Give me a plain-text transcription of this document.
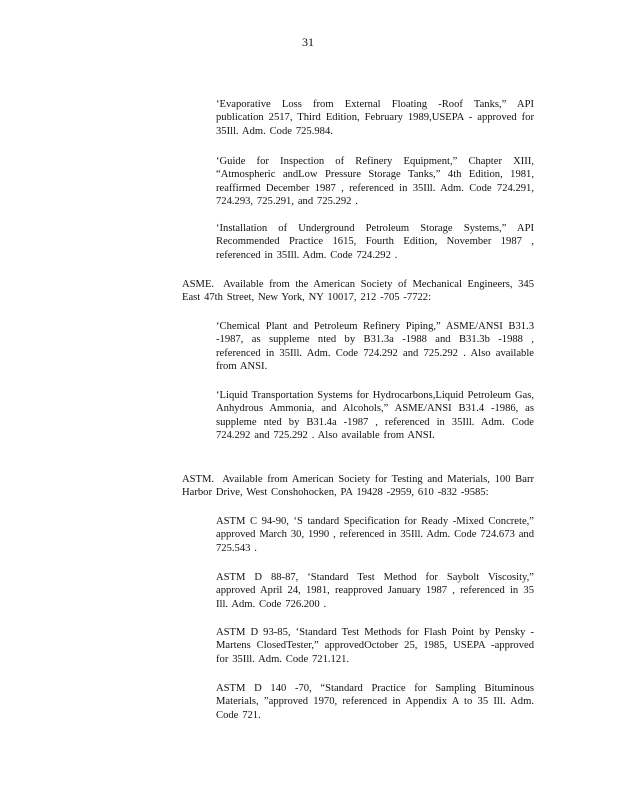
31

‘Evaporative Loss from External Floating -Roof Tanks,” API publication 2517, Third Edition, February 1989,USEPA - approved for 35Ill. Adm. Code 725.984.

‘Guide for Inspection of Refinery Equipment,” Chapter XIII, “Atmospheric andLow Pressure Storage Tanks,” 4th Edition, 1981, reaffirmed December 1987 , referenced in 35Ill. Adm. Code 724.291, 724.293, 725.291, and 725.292 .

‘Installation of Underground Petroleum Storage Systems,” API Recommended Practice 1615, Fourth Edition, November 1987 , referenced in 35Ill. Adm. Code 724.292 .

ASME. Available from the American Society of Mechanical Engineers, 345 East 47th Street, New York, NY 10017, 212 -705 -7722:

‘Chemical Plant and Petroleum Refinery Piping,” ASME/ANSI B31.3 -1987, as suppleme nted by B31.3a -1988 and B31.3b -1988 , referenced in 35Ill. Adm. Code 724.292 and 725.292 . Also available from ANSI.

‘Liquid Transportation Systems for Hydrocarbons,Liquid Petroleum Gas, Anhydrous Ammonia, and Alcohols,” ASME/ANSI B31.4 -1986, as suppleme nted by B31.4a -1987 , referenced in 35Ill. Adm. Code 724.292 and 725.292 . Also available from ANSI.

ASTM. Available from American Society for Testing and Materials, 100 Barr Harbor Drive, West Conshohocken, PA 19428 -2959, 610 -832 -9585:

ASTM C 94-90, ‘S tandard Specification for Ready -Mixed Concrete,” approved March 30, 1990 , referenced in 35Ill. Adm. Code 724.673 and 725.543 .

ASTM D 88-87, ‘Standard Test Method for Saybolt Viscosity,” approved April 24, 1981, reapproved January 1987 , referenced in 35 Ill. Adm. Code 726.200 .

ASTM D 93-85, ‘Standard Test Methods for Flash Point by Pensky -Martens ClosedTester,” approvedOctober 25, 1985, USEPA -approved for 35Ill. Adm. Code 721.121.

ASTM D 140 -70, “Standard Practice for Sampling Bituminous Materials, ”approved 1970, referenced in Appendix A to 35 Ill. Adm. Code 721.
